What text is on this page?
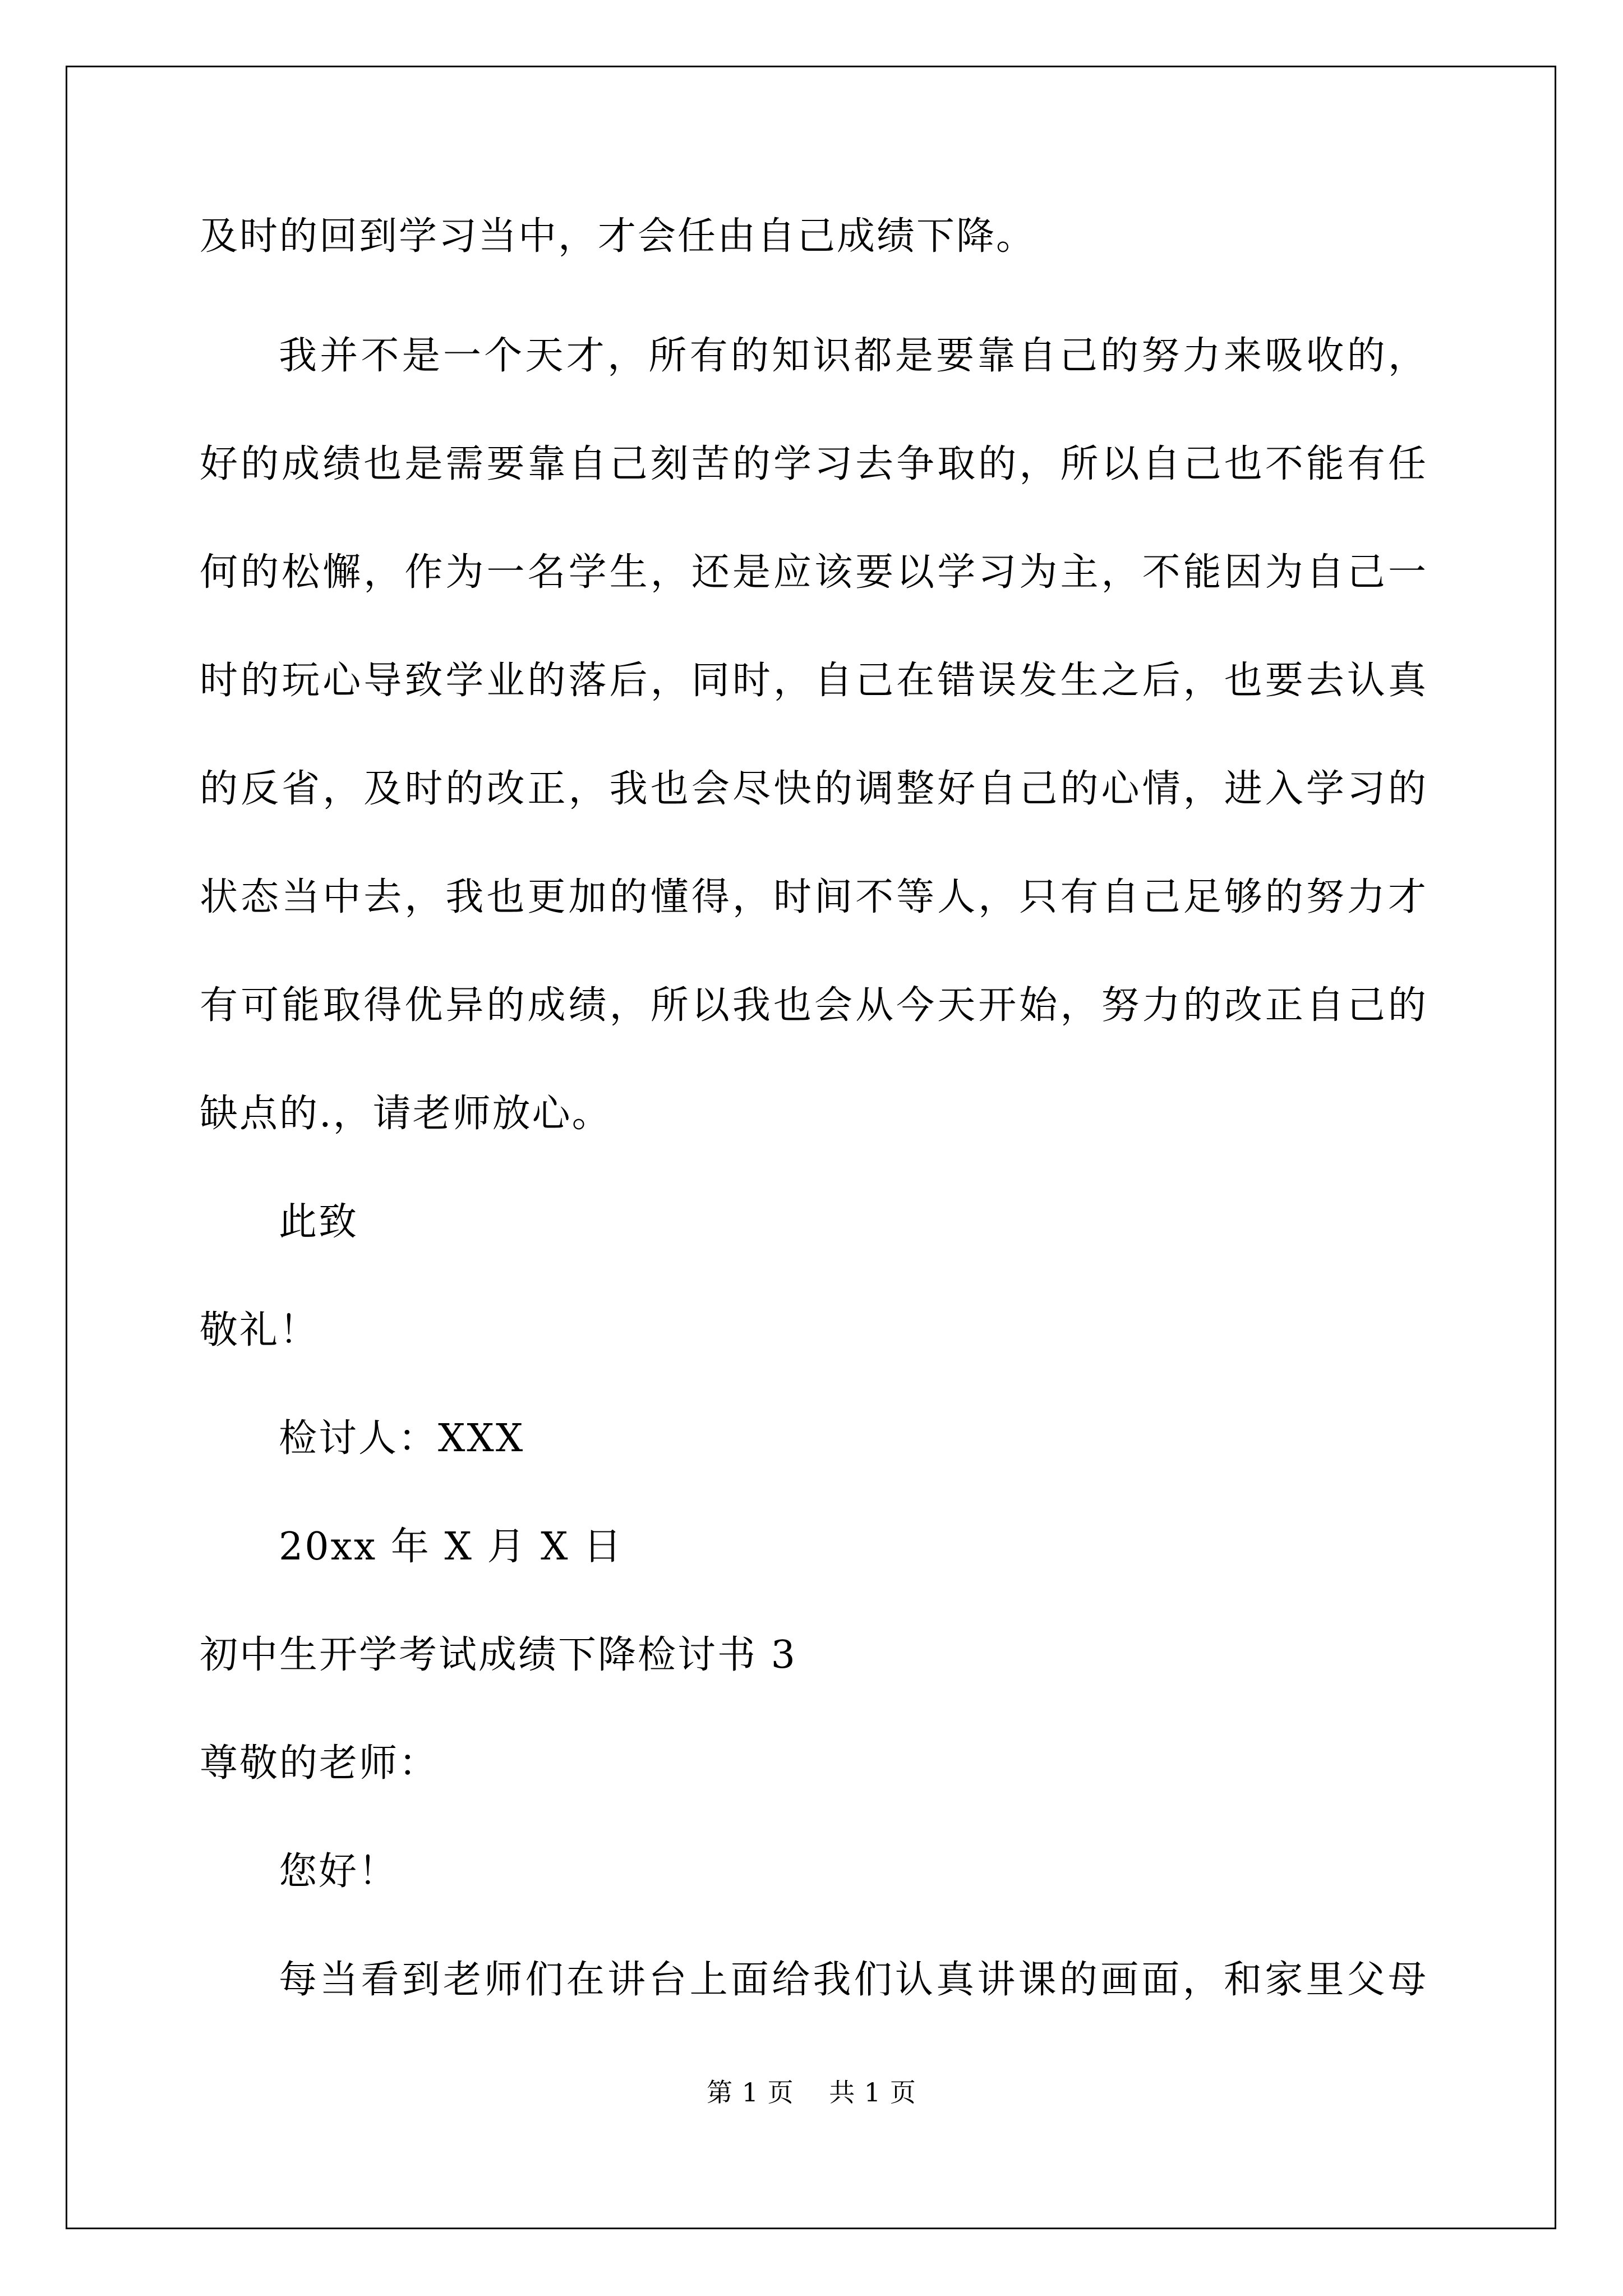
及时的回到学习当中，才会任由自己成绩下降。
我并不是一个天才，所有的知识都是要靠自己的努力来吸收的，
好的成绩也是需要靠自己刻苦的学习去争取的，所以自己也不能有任
何的松懈，作为一名学生，还是应该要以学习为主，不能因为自己一
时的玩心导致学业的落后，同时，自己在错误发生之后，也要去认真
的反省，及时的改正，我也会尽快的调整好自己的心情，进入学习的
状态当中去，我也更加的懂得，时间不等人，只有自己足够的努力才
有可能取得优异的成绩，所以我也会从今天开始，努力的改正自己的
缺点的.，请老师放心。
此致
敬礼！
检讨人：XXX
20xx 年 X 月 X 日
初中生开学考试成绩下降检讨书 3
尊敬的老师：
您好！
每当看到老师们在讲台上面给我们认真讲课的画面，和家里父母
第 1 页　 共 1 页
